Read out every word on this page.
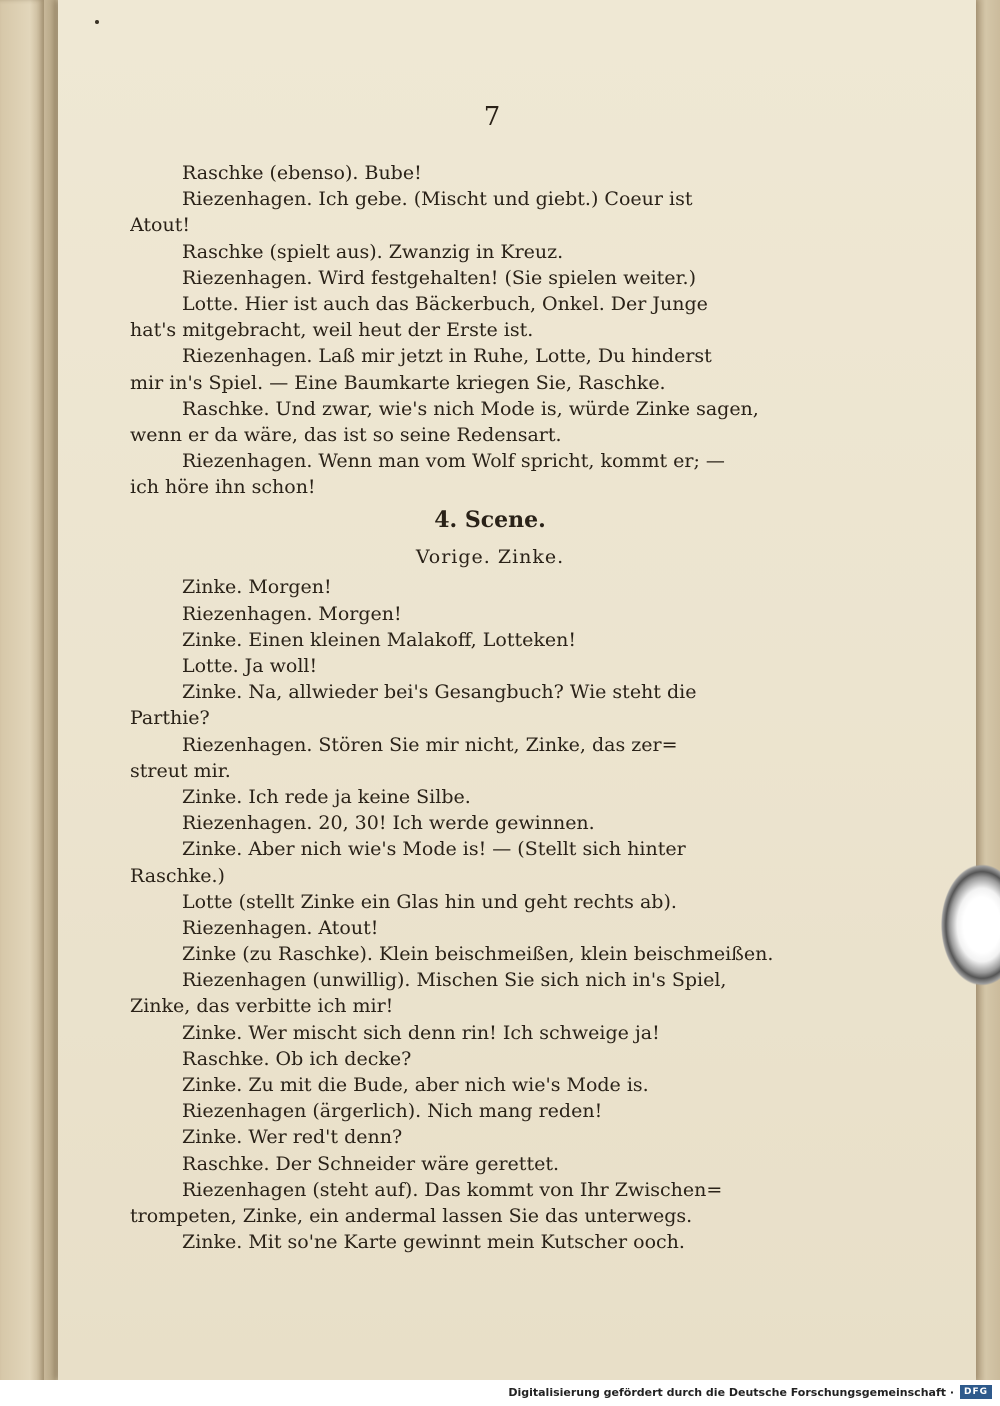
7
Raschke (ebenso). Bube!
Riezenhagen. Ich gebe. (Mischt und giebt.) Coeur ist
Atout!
Raschke (spielt aus). Zwanzig in Kreuz.
Riezenhagen. Wird festgehalten! (Sie spielen weiter.)
Lotte. Hier ist auch das Bäckerbuch, Onkel. Der Junge
hat's mitgebracht, weil heut der Erste ist.
Riezenhagen. Laß mir jetzt in Ruhe, Lotte, Du hinderst
mir in's Spiel. — Eine Baumkarte kriegen Sie, Raschke.
Raschke. Und zwar, wie's nich Mode is, würde Zinke sagen,
wenn er da wäre, das ist so seine Redensart.
Riezenhagen. Wenn man vom Wolf spricht, kommt er; —
ich höre ihn schon!
4. Scene.
Vorige. Zinke.
Zinke. Morgen!
Riezenhagen. Morgen!
Zinke. Einen kleinen Malakoff, Lotteken!
Lotte. Ja woll!
Zinke. Na, allwieder bei's Gesangbuch? Wie steht die
Parthie?
Riezenhagen. Stören Sie mir nicht, Zinke, das zer=
streut mir.
Zinke. Ich rede ja keine Silbe.
Riezenhagen. 20, 30! Ich werde gewinnen.
Zinke. Aber nich wie's Mode is! — (Stellt sich hinter
Raschke.)
Lotte (stellt Zinke ein Glas hin und geht rechts ab).
Riezenhagen. Atout!
Zinke (zu Raschke). Klein beischmeißen, klein beischmeißen.
Riezenhagen (unwillig). Mischen Sie sich nich in's Spiel,
Zinke, das verbitte ich mir!
Zinke. Wer mischt sich denn rin! Ich schweige ja!
Raschke. Ob ich decke?
Zinke. Zu mit die Bude, aber nich wie's Mode is.
Riezenhagen (ärgerlich). Nich mang reden!
Zinke. Wer red't denn?
Raschke. Der Schneider wäre gerettet.
Riezenhagen (steht auf). Das kommt von Ihr Zwischen=
trompeten, Zinke, ein andermal lassen Sie das unterwegs.
Zinke. Mit so'ne Karte gewinnt mein Kutscher ooch.
Digitalisierung gefördert durch die Deutsche Forschungsgemeinschaft ·	DFG
